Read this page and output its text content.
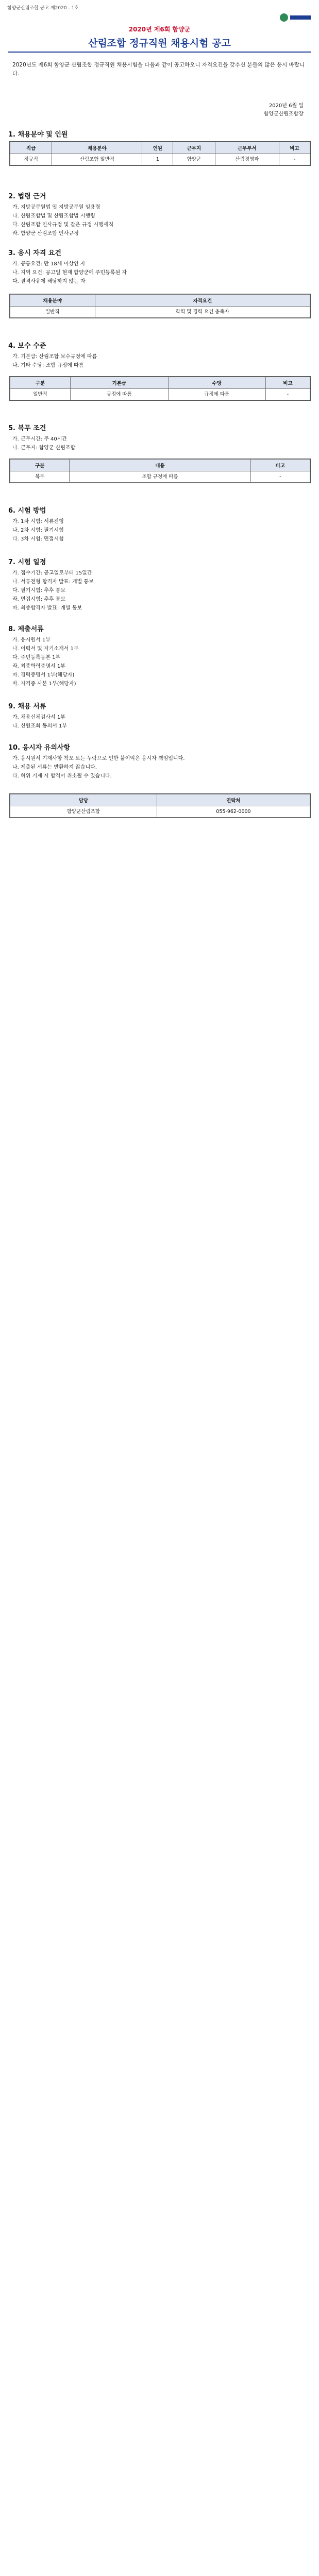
함양군산림조합 공고 제2020 - 1호
2020년 제6회 함양군
산림조합 정규직원 채용시험 공고
2020년도 제6회 함양군 산림조합 정규직원 채용시험을 다음과 같이 공고하오니 자격요건을 갖추신 분들의 많은 응시 바랍니다.
2020년 6월 일
함양군산림조합장
1. 채용분야 및 인원
직급	채용분야	인원	근무지	근무부서	비고
정규직	산림조합 일반직	1	함양군	산림경영과	-
2. 법령 근거
가. 지방공무원법 및 지방공무원 임용령
나. 산림조합법 및 산림조합법 시행령
다. 산림조합 인사규정 및 같은 규정 시행세칙
라. 함양군 산림조합 인사규정
3. 응시 자격 요건
가. 공통요건: 만 18세 이상인 자
나. 지역 요건: 공고일 현재 함양군에 주민등록된 자
다. 결격사유에 해당하지 않는 자
채용분야	자격요건
일반직	학력 및 경력 요건 충족자
4. 보수 수준
가. 기본급: 산림조합 보수규정에 따름
나. 기타 수당: 조합 규정에 따름
구분	기본급	수당	비고
일반직	규정에 따름	규정에 따름	-
5. 복무 조건
가. 근무시간: 주 40시간
나. 근무지: 함양군 산림조합
구분	내용	비고
복무	조합 규정에 따름	-
6. 시험 방법
가. 1차 시험: 서류전형
나. 2차 시험: 필기시험
다. 3차 시험: 면접시험
7. 시험 일정
가. 접수기간: 공고일로부터 15일간
나. 서류전형 합격자 발표: 개별 통보
다. 필기시험: 추후 통보
라. 면접시험: 추후 통보
마. 최종합격자 발표: 개별 통보
8. 제출서류
가. 응시원서 1부
나. 이력서 및 자기소개서 1부
다. 주민등록등본 1부
라. 최종학력증명서 1부
마. 경력증명서 1부(해당자)
바. 자격증 사본 1부(해당자)
9. 채용 서류
가. 채용신체검사서 1부
나. 신원조회 동의서 1부
10. 응시자 유의사항
가. 응시원서 기재사항 착오 또는 누락으로 인한 불이익은 응시자 책임입니다.
나. 제출된 서류는 반환하지 않습니다.
다. 허위 기재 시 합격이 취소될 수 있습니다.
담당	연락처
함양군산림조합	055-962-0000
